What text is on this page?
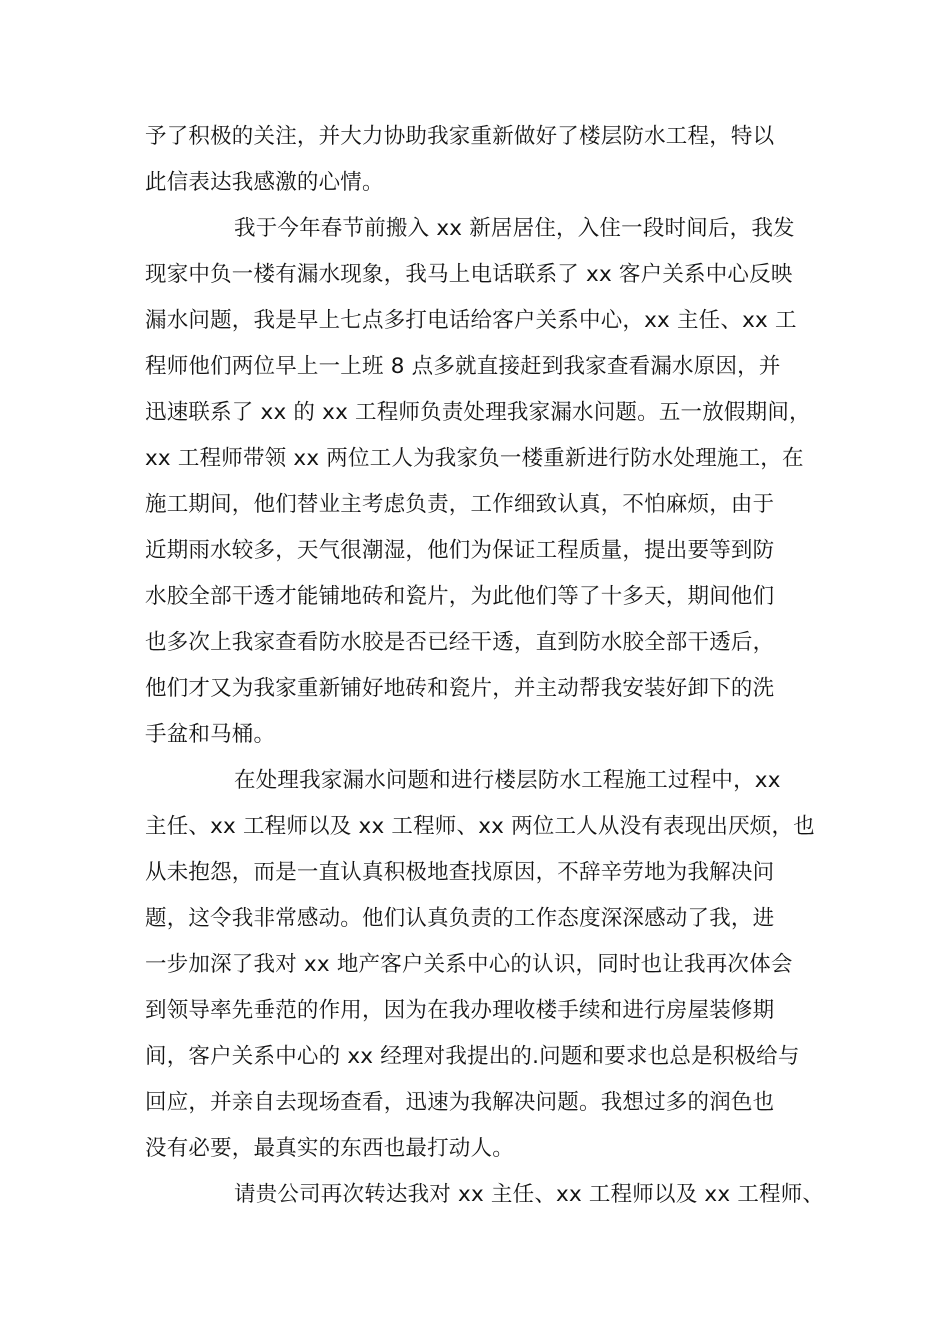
予了积极的关注，并大力协助我家重新做好了楼层防水工程，特以
此信表达我感激的心情。
我于今年春节前搬入 xx 新居居住，入住一段时间后，我发
现家中负一楼有漏水现象，我马上电话联系了 xx 客户关系中心反映
漏水问题，我是早上七点多打电话给客户关系中心，xx 主任、xx 工
程师他们两位早上一上班 8 点多就直接赶到我家查看漏水原因，并
迅速联系了 xx 的 xx 工程师负责处理我家漏水问题。五一放假期间，
xx 工程师带领 xx 两位工人为我家负一楼重新进行防水处理施工，在
施工期间，他们替业主考虑负责，工作细致认真，不怕麻烦，由于
近期雨水较多，天气很潮湿，他们为保证工程质量，提出要等到防
水胶全部干透才能铺地砖和瓷片，为此他们等了十多天，期间他们
也多次上我家查看防水胶是否已经干透，直到防水胶全部干透后，
他们才又为我家重新铺好地砖和瓷片，并主动帮我安装好卸下的洗
手盆和马桶。
在处理我家漏水问题和进行楼层防水工程施工过程中，xx
主任、xx 工程师以及 xx 工程师、xx 两位工人从没有表现出厌烦，也
从未抱怨，而是一直认真积极地查找原因，不辞辛劳地为我解决问
题，这令我非常感动。他们认真负责的工作态度深深感动了我，进
一步加深了我对 xx 地产客户关系中心的认识，同时也让我再次体会
到领导率先垂范的作用，因为在我办理收楼手续和进行房屋装修期
间，客户关系中心的 xx 经理对我提出的.问题和要求也总是积极给与
回应，并亲自去现场查看，迅速为我解决问题。我想过多的润色也
没有必要，最真实的东西也最打动人。
请贵公司再次转达我对 xx 主任、xx 工程师以及 xx 工程师、
